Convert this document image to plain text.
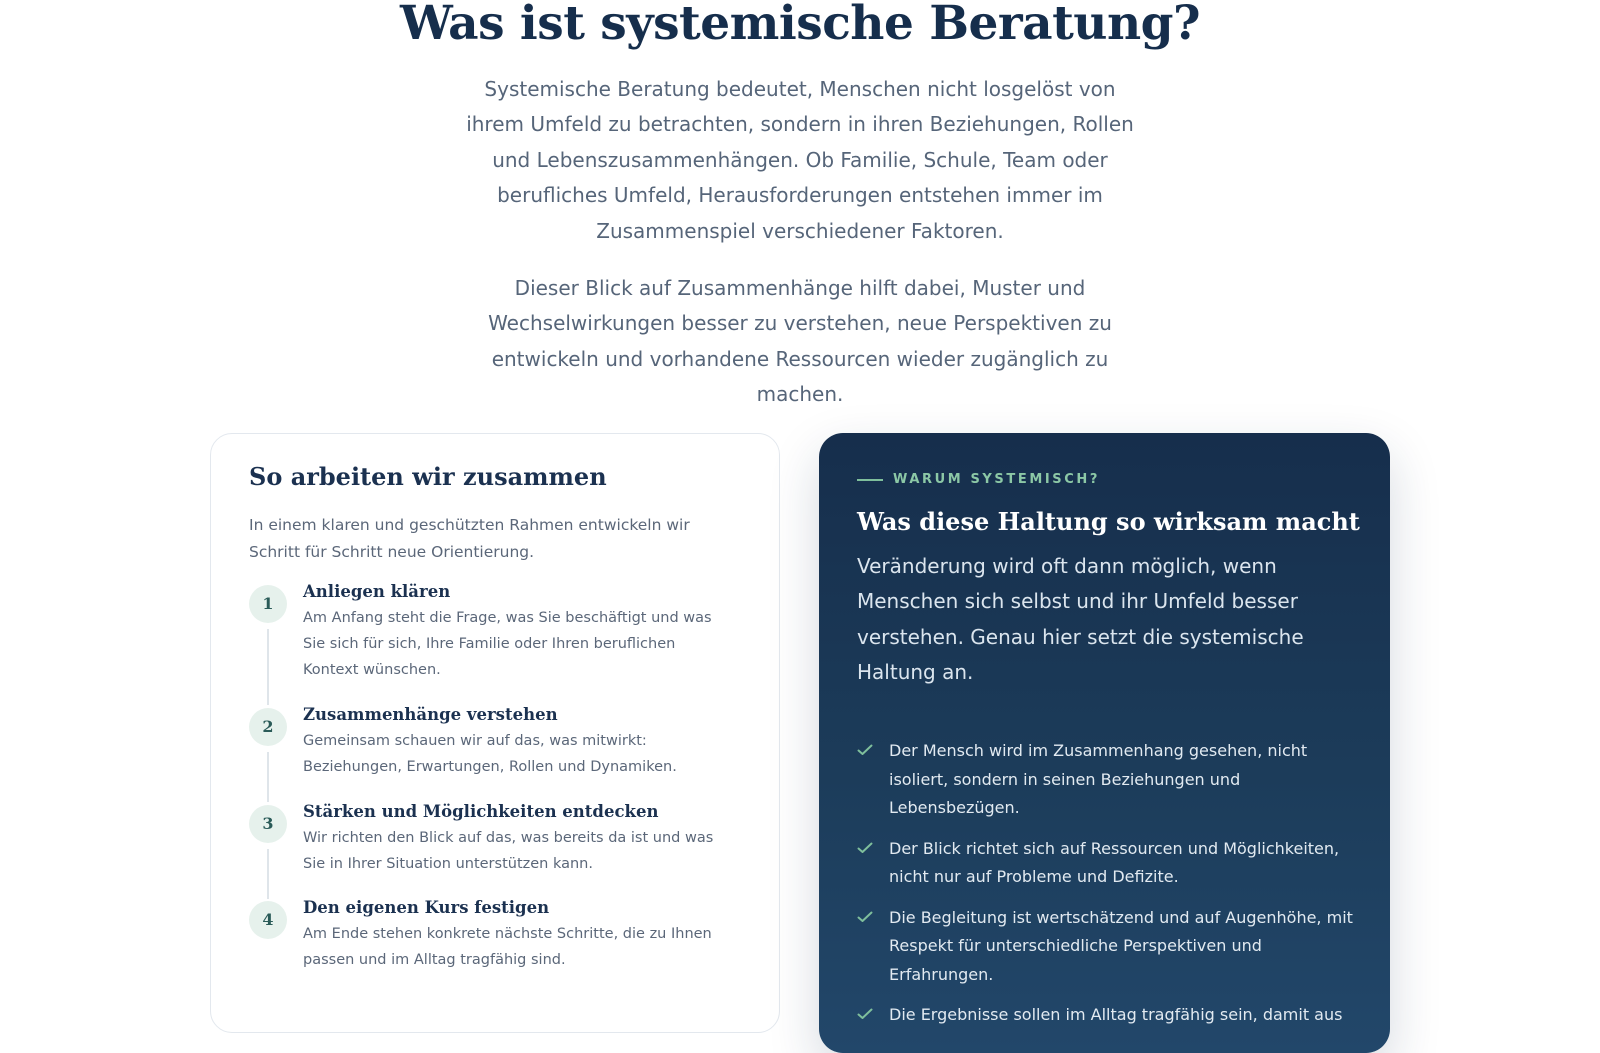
Was ist systemische Beratung?

Systemische Beratung bedeutet, Menschen nicht losgelöst von ihrem Umfeld zu betrachten, sondern in ihren Beziehungen, Rollen und Lebenszusammenhängen. Ob Familie, Schule, Team oder berufliches Umfeld, Herausforderungen entstehen immer im Zusammenspiel verschiedener Faktoren.

Dieser Blick auf Zusammenhänge hilft dabei, Muster und Wechselwirkungen besser zu verstehen, neue Perspektiven zu entwickeln und vorhandene Ressourcen wieder zugänglich zu machen.

So arbeiten wir zusammen

In einem klaren und geschützten Rahmen entwickeln wir Schritt für Schritt neue Orientierung.

1
Anliegen klären

Am Anfang steht die Frage, was Sie beschäftigt und was Sie sich für sich, Ihre Familie oder Ihren beruflichen Kontext wünschen.

2
Zusammenhänge verstehen

Gemeinsam schauen wir auf das, was mitwirkt: Beziehungen, Erwartungen, Rollen und Dynamiken.

3
Stärken und Möglichkeiten entdecken

Wir richten den Blick auf das, was bereits da ist und was Sie in Ihrer Situation unterstützen kann.

4
Den eigenen Kurs festigen

Am Ende stehen konkrete nächste Schritte, die zu Ihnen passen und im Alltag tragfähig sind.

WARUM SYSTEMISCH?
Was diese Haltung so wirksam macht

Veränderung wird oft dann möglich, wenn Menschen sich selbst und ihr Umfeld besser verstehen. Genau hier setzt die systemische Haltung an.

Der Mensch wird im Zusammenhang gesehen, nicht isoliert, sondern in seinen Beziehungen und Lebensbezügen.
Der Blick richtet sich auf Ressourcen und Möglichkeiten, nicht nur auf Probleme und Defizite.
Die Begleitung ist wertschätzend und auf Augenhöhe, mit Respekt für unterschiedliche Perspektiven und Erfahrungen.
Die Ergebnisse sollen im Alltag tragfähig sein, damit aus
